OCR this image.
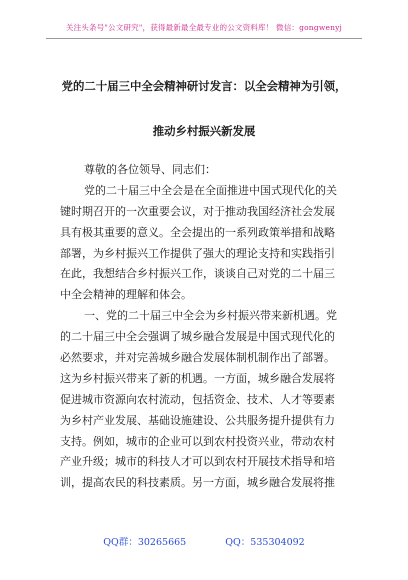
关注头条号"公文研究"，获得最新最全最专业的公文资料库！ 微信：gongwenyj
党的二十届三中全会精神研讨发言：以全会精神为引领，
推动乡村振兴新发展
尊敬的各位领导、同志们：
党的二十届三中全会是在全面推进中国式现代化的关
键时期召开的一次重要会议，对于推动我国经济社会发展
具有极其重要的意义。全会提出的一系列政策举措和战略
部署，为乡村振兴工作提供了强大的理论支持和实践指引
在此，我想结合乡村振兴工作，谈谈自己对党的二十届三
中全会精神的理解和体会。
一、党的二十届三中全会为乡村振兴带来新机遇。党
的二十届三中全会强调了城乡融合发展是中国式现代化的
必然要求，并对完善城乡融合发展体制机制作出了部署。
这为乡村振兴带来了新的机遇。一方面，城乡融合发展将
促进城市资源向农村流动，包括资金、技术、人才等要素
为乡村产业发展、基础设施建设、公共服务提升提供有力
支持。例如，城市的企业可以到农村投资兴业，带动农村
产业升级；城市的科技人才可以到农村开展技术指导和培
训，提高农民的科技素质。另一方面，城乡融合发展将推
QQ群：30265665	QQ：535304092
